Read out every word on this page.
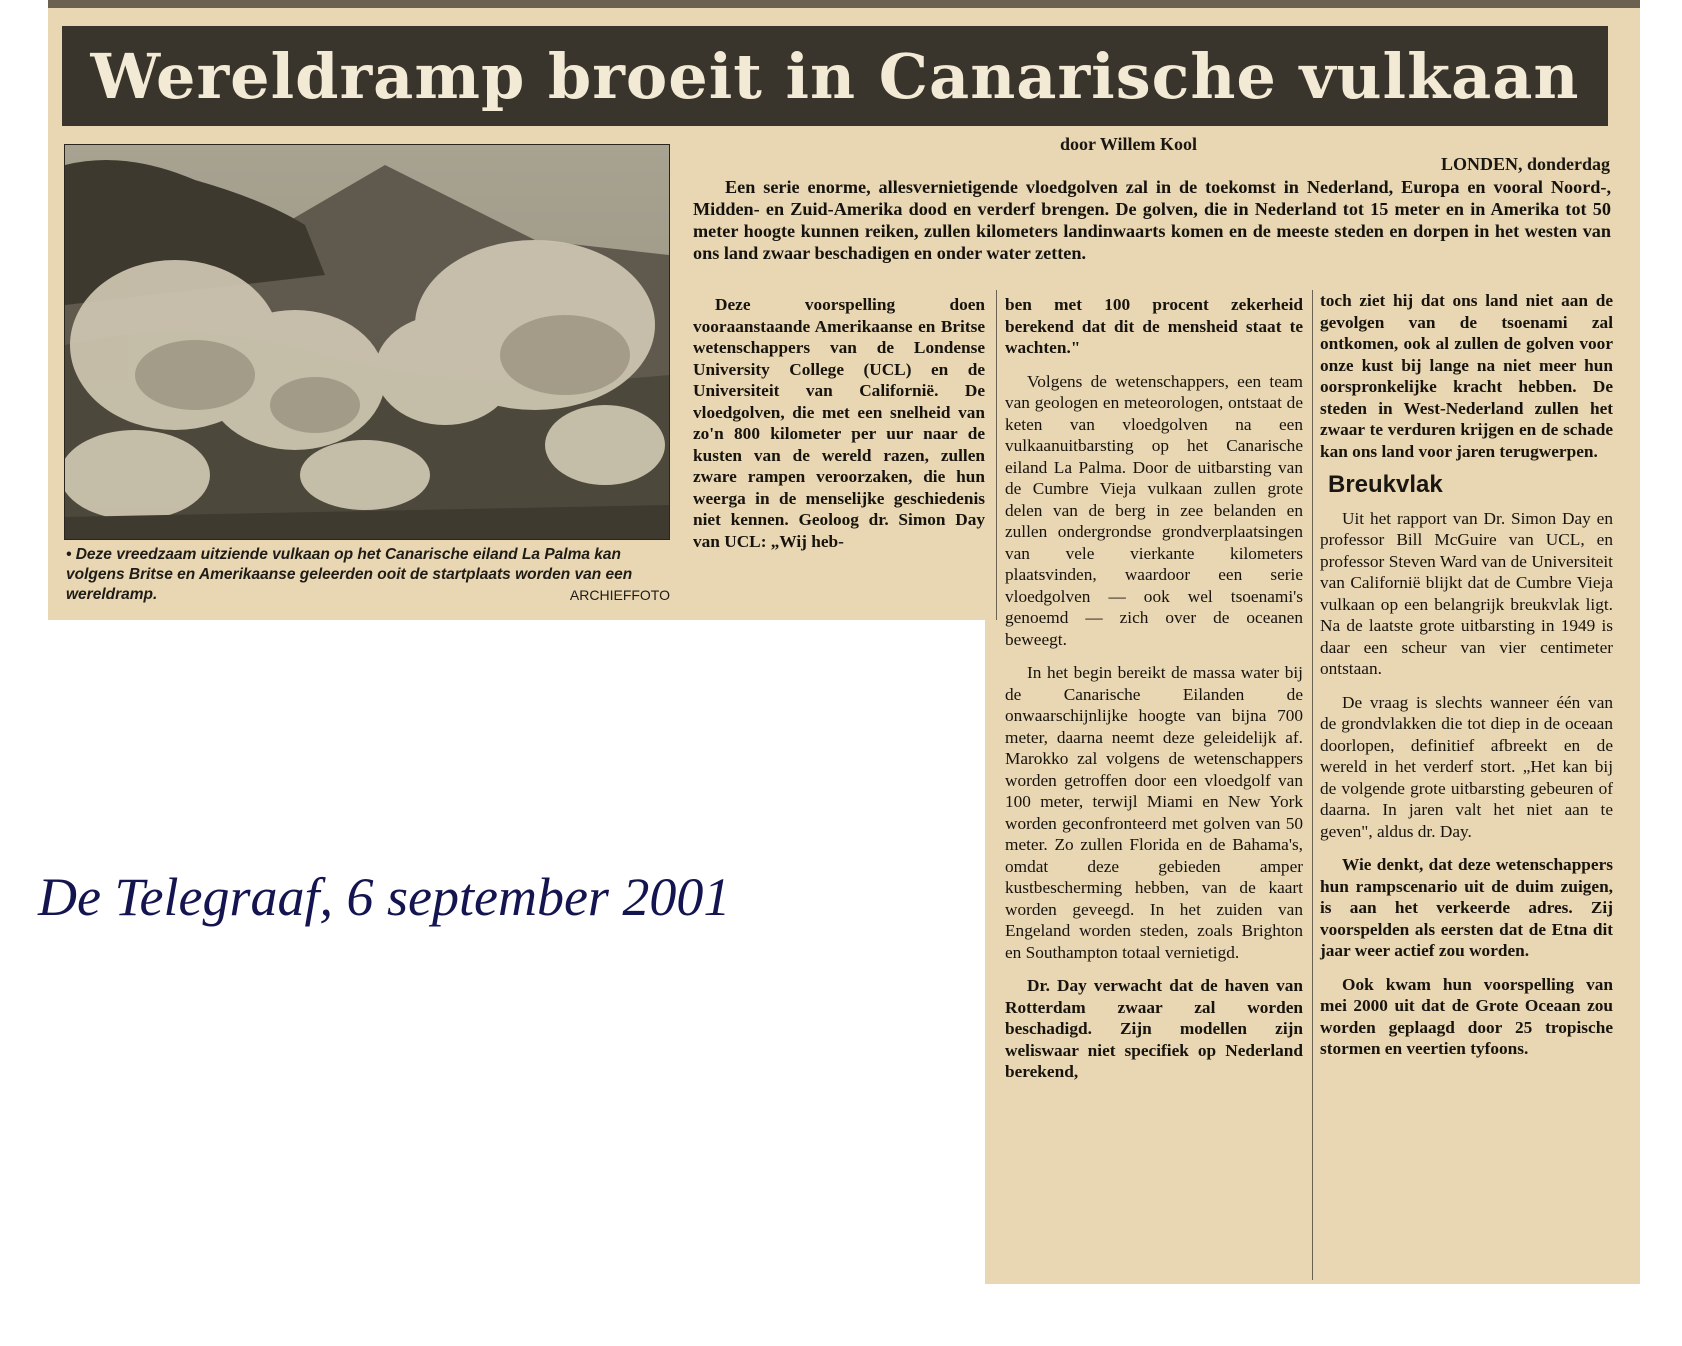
Wereldramp broeit in Canarische vulkaan
• Deze vreedzaam uitziende vulkaan op het Canarische eiland La Palma kan volgens Britse en Amerikaanse geleerden ooit de startplaats worden van een wereldramp.	ARCHIEFFOTO
door Willem Kool
LONDEN, donderdag

Een serie enorme, allesvernietigende vloedgolven zal in de toekomst in Nederland, Europa en vooral Noord-, Midden- en Zuid-Amerika dood en verderf brengen. De golven, die in Nederland tot 15 meter en in Amerika tot 50 meter hoogte kunnen reiken, zullen kilometers landinwaarts komen en de meeste steden en dorpen in het westen van ons land zwaar beschadigen en onder water zetten.

Deze voorspelling doen vooraanstaande Amerikaanse en Britse wetenschappers van de Londense University College (UCL) en de Universiteit van Californië. De vloedgolven, die met een snelheid van zo'n 800 kilometer per uur naar de kusten van de wereld razen, zullen zware rampen veroorzaken, die hun weerga in de menselijke geschiedenis niet kennen. Geoloog dr. Simon Day van UCL: „Wij heb-

ben met 100 procent zekerheid berekend dat dit de mensheid staat te wachten."

Volgens de wetenschappers, een team van geologen en meteorologen, ontstaat de keten van vloedgolven na een vulkaanuitbarsting op het Canarische eiland La Palma. Door de uitbarsting van de Cumbre Vieja vulkaan zullen grote delen van de berg in zee belanden en zullen ondergrondse grondverplaatsingen van vele vierkante kilometers plaatsvinden, waardoor een serie vloedgolven — ook wel tsoenami's genoemd — zich over de oceanen beweegt.

In het begin bereikt de massa water bij de Canarische Eilanden de onwaarschijnlijke hoogte van bijna 700 meter, daarna neemt deze geleidelijk af. Marokko zal volgens de wetenschappers worden getroffen door een vloedgolf van 100 meter, terwijl Miami en New York worden geconfronteerd met golven van 50 meter. Zo zullen Florida en de Bahama's, omdat deze gebieden amper kustbescherming hebben, van de kaart worden geveegd. In het zuiden van Engeland worden steden, zoals Brighton en Southampton totaal vernietigd.

Dr. Day verwacht dat de haven van Rotterdam zwaar zal worden beschadigd. Zijn modellen zijn weliswaar niet specifiek op Nederland berekend,

toch ziet hij dat ons land niet aan de gevolgen van de tsoenami zal ontkomen, ook al zullen de golven voor onze kust bij lange na niet meer hun oorspronkelijke kracht hebben. De steden in West-Nederland zullen het zwaar te verduren krijgen en de schade kan ons land voor jaren terugwerpen.

Breukvlak

Uit het rapport van Dr. Simon Day en professor Bill McGuire van UCL, en professor Steven Ward van de Universiteit van Californië blijkt dat de Cumbre Vieja vulkaan op een belangrijk breukvlak ligt. Na de laatste grote uitbarsting in 1949 is daar een scheur van vier centimeter ontstaan.

De vraag is slechts wanneer één van de grondvlakken die tot diep in de oceaan doorlopen, definitief afbreekt en de wereld in het verderf stort. „Het kan bij de volgende grote uitbarsting gebeuren of daarna. In jaren valt het niet aan te geven", aldus dr. Day.

Wie denkt, dat deze wetenschappers hun rampscenario uit de duim zuigen, is aan het verkeerde adres. Zij voorspelden als eersten dat de Etna dit jaar weer actief zou worden.

Ook kwam hun voorspelling van mei 2000 uit dat de Grote Oceaan zou worden geplaagd door 25 tropische stormen en veertien tyfoons.

De Telegraaf, 6 september 2001
